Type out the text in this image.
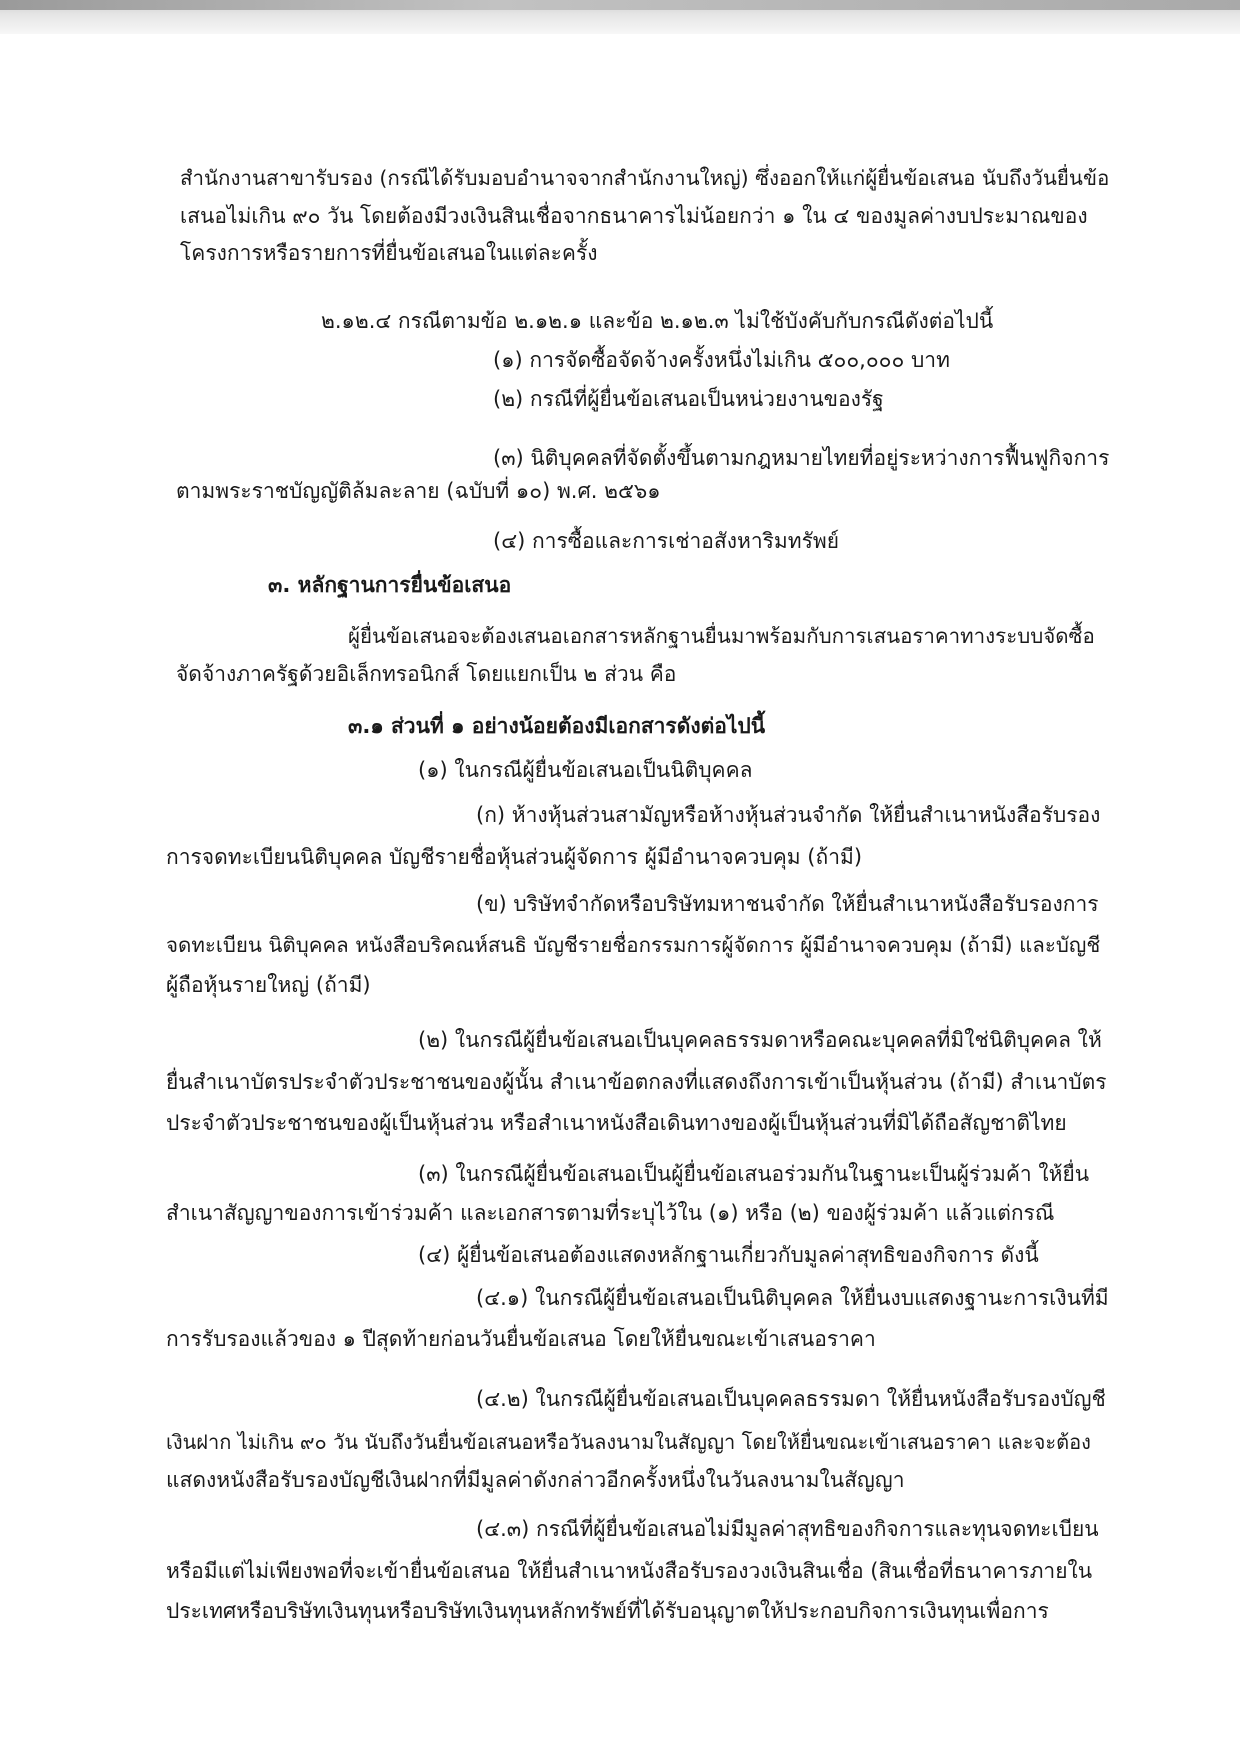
สำนักงานสาขารับรอง (กรณีได้รับมอบอำนาจจากสำนักงานใหญ่) ซึ่งออกให้แก่ผู้ยื่นข้อเสนอ นับถึงวันยื่นข้อ
เสนอไม่เกิน ๙๐ วัน โดยต้องมีวงเงินสินเชื่อจากธนาคารไม่น้อยกว่า ๑ ใน ๔ ของมูลค่างบประมาณของ
โครงการหรือรายการที่ยื่นข้อเสนอในแต่ละครั้ง
๒.๑๒.๔ กรณีตามข้อ ๒.๑๒.๑ และข้อ ๒.๑๒.๓ ไม่ใช้บังคับกับกรณีดังต่อไปนี้
(๑) การจัดซื้อจัดจ้างครั้งหนึ่งไม่เกิน ๕๐๐,๐๐๐ บาท
(๒) กรณีที่ผู้ยื่นข้อเสนอเป็นหน่วยงานของรัฐ
(๓) นิติบุคคลที่จัดตั้งขึ้นตามกฎหมายไทยที่อยู่ระหว่างการฟื้นฟูกิจการ
ตามพระราชบัญญัติล้มละลาย (ฉบับที่ ๑๐) พ.ศ. ๒๕๖๑
(๔) การซื้อและการเช่าอสังหาริมทรัพย์
๓. หลักฐานการยื่นข้อเสนอ
ผู้ยื่นข้อเสนอจะต้องเสนอเอกสารหลักฐานยื่นมาพร้อมกับการเสนอราคาทางระบบจัดซื้อ
จัดจ้างภาครัฐด้วยอิเล็กทรอนิกส์ โดยแยกเป็น ๒ ส่วน คือ
๓.๑ ส่วนที่ ๑ อย่างน้อยต้องมีเอกสารดังต่อไปนี้
(๑) ในกรณีผู้ยื่นข้อเสนอเป็นนิติบุคคล
(ก) ห้างหุ้นส่วนสามัญหรือห้างหุ้นส่วนจำกัด ให้ยื่นสำเนาหนังสือรับรอง
การจดทะเบียนนิติบุคคล บัญชีรายชื่อหุ้นส่วนผู้จัดการ ผู้มีอำนาจควบคุม (ถ้ามี)
(ข) บริษัทจำกัดหรือบริษัทมหาชนจำกัด ให้ยื่นสำเนาหนังสือรับรองการ
จดทะเบียน นิติบุคคล หนังสือบริคณห์สนธิ บัญชีรายชื่อกรรมการผู้จัดการ ผู้มีอำนาจควบคุม (ถ้ามี) และบัญชี
ผู้ถือหุ้นรายใหญ่ (ถ้ามี)
(๒) ในกรณีผู้ยื่นข้อเสนอเป็นบุคคลธรรมดาหรือคณะบุคคลที่มิใช่นิติบุคคล ให้
ยื่นสำเนาบัตรประจำตัวประชาชนของผู้นั้น สำเนาข้อตกลงที่แสดงถึงการเข้าเป็นหุ้นส่วน (ถ้ามี) สำเนาบัตร
ประจำตัวประชาชนของผู้เป็นหุ้นส่วน หรือสำเนาหนังสือเดินทางของผู้เป็นหุ้นส่วนที่มิได้ถือสัญชาติไทย
(๓) ในกรณีผู้ยื่นข้อเสนอเป็นผู้ยื่นข้อเสนอร่วมกันในฐานะเป็นผู้ร่วมค้า ให้ยื่น
สำเนาสัญญาของการเข้าร่วมค้า และเอกสารตามที่ระบุไว้ใน (๑) หรือ (๒) ของผู้ร่วมค้า แล้วแต่กรณี
(๔) ผู้ยื่นข้อเสนอต้องแสดงหลักฐานเกี่ยวกับมูลค่าสุทธิของกิจการ ดังนี้
(๔.๑) ในกรณีผู้ยื่นข้อเสนอเป็นนิติบุคคล ให้ยื่นงบแสดงฐานะการเงินที่มี
การรับรองแล้วของ ๑ ปีสุดท้ายก่อนวันยื่นข้อเสนอ โดยให้ยื่นขณะเข้าเสนอราคา
(๔.๒) ในกรณีผู้ยื่นข้อเสนอเป็นบุคคลธรรมดา ให้ยื่นหนังสือรับรองบัญชี
เงินฝาก ไม่เกิน ๙๐ วัน นับถึงวันยื่นข้อเสนอหรือวันลงนามในสัญญา โดยให้ยื่นขณะเข้าเสนอราคา และจะต้อง
แสดงหนังสือรับรองบัญชีเงินฝากที่มีมูลค่าดังกล่าวอีกครั้งหนึ่งในวันลงนามในสัญญา
(๔.๓) กรณีที่ผู้ยื่นข้อเสนอไม่มีมูลค่าสุทธิของกิจการและทุนจดทะเบียน
หรือมีแต่ไม่เพียงพอที่จะเข้ายื่นข้อเสนอ ให้ยื่นสำเนาหนังสือรับรองวงเงินสินเชื่อ (สินเชื่อที่ธนาคารภายใน
ประเทศหรือบริษัทเงินทุนหรือบริษัทเงินทุนหลักทรัพย์ที่ได้รับอนุญาตให้ประกอบกิจการเงินทุนเพื่อการ
